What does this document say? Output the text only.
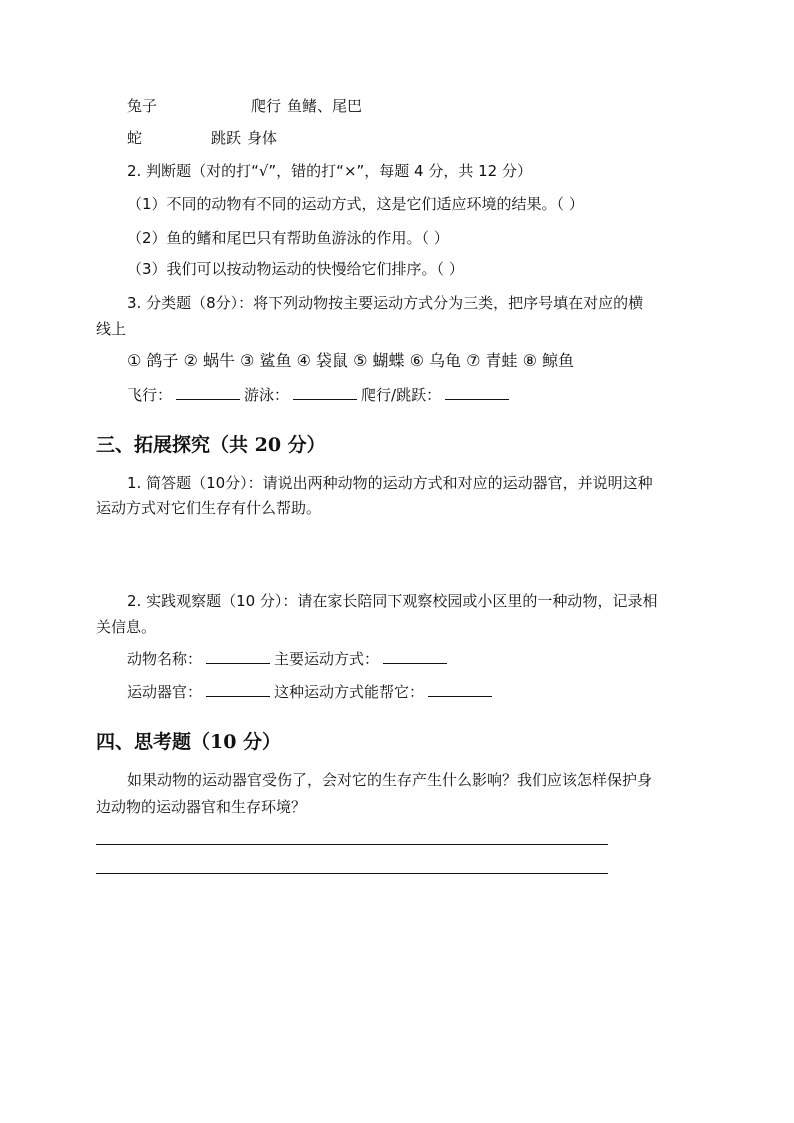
兔子	爬行 鱼鳍、尾巴
蛇	跳跃 身体
2. 判断题（对的打“√”，错的打“×”，每题 4 分，共 12 分）
（1）不同的动物有不同的运动方式，这是它们适应环境的结果。（ ）
（2）鱼的鳍和尾巴只有帮助鱼游泳的作用。（ ）
（3）我们可以按动物运动的快慢给它们排序。（ ）
3. 分类题（8分）：将下列动物按主要运动方式分为三类，把序号填在对应的横
线上
① 鸽子 ② 蜗牛 ③ 鲨鱼 ④ 袋鼠 ⑤ 蝴蝶 ⑥ 乌龟 ⑦ 青蛙 ⑧ 鲸鱼
飞行：	游泳：	爬行/跳跃：
三、拓展探究（共 20 分）
1. 简答题（10分）：请说出两种动物的运动方式和对应的运动器官，并说明这种
运动方式对它们生存有什么帮助。
2. 实践观察题（10 分）：请在家长陪同下观察校园或小区里的一种动物，记录相
关信息。
动物名称：	主要运动方式：
运动器官：	这种运动方式能帮它：
四、思考题（10 分）
如果动物的运动器官受伤了，会对它的生存产生什么影响？我们应该怎样保护身
边动物的运动器官和生存环境？
